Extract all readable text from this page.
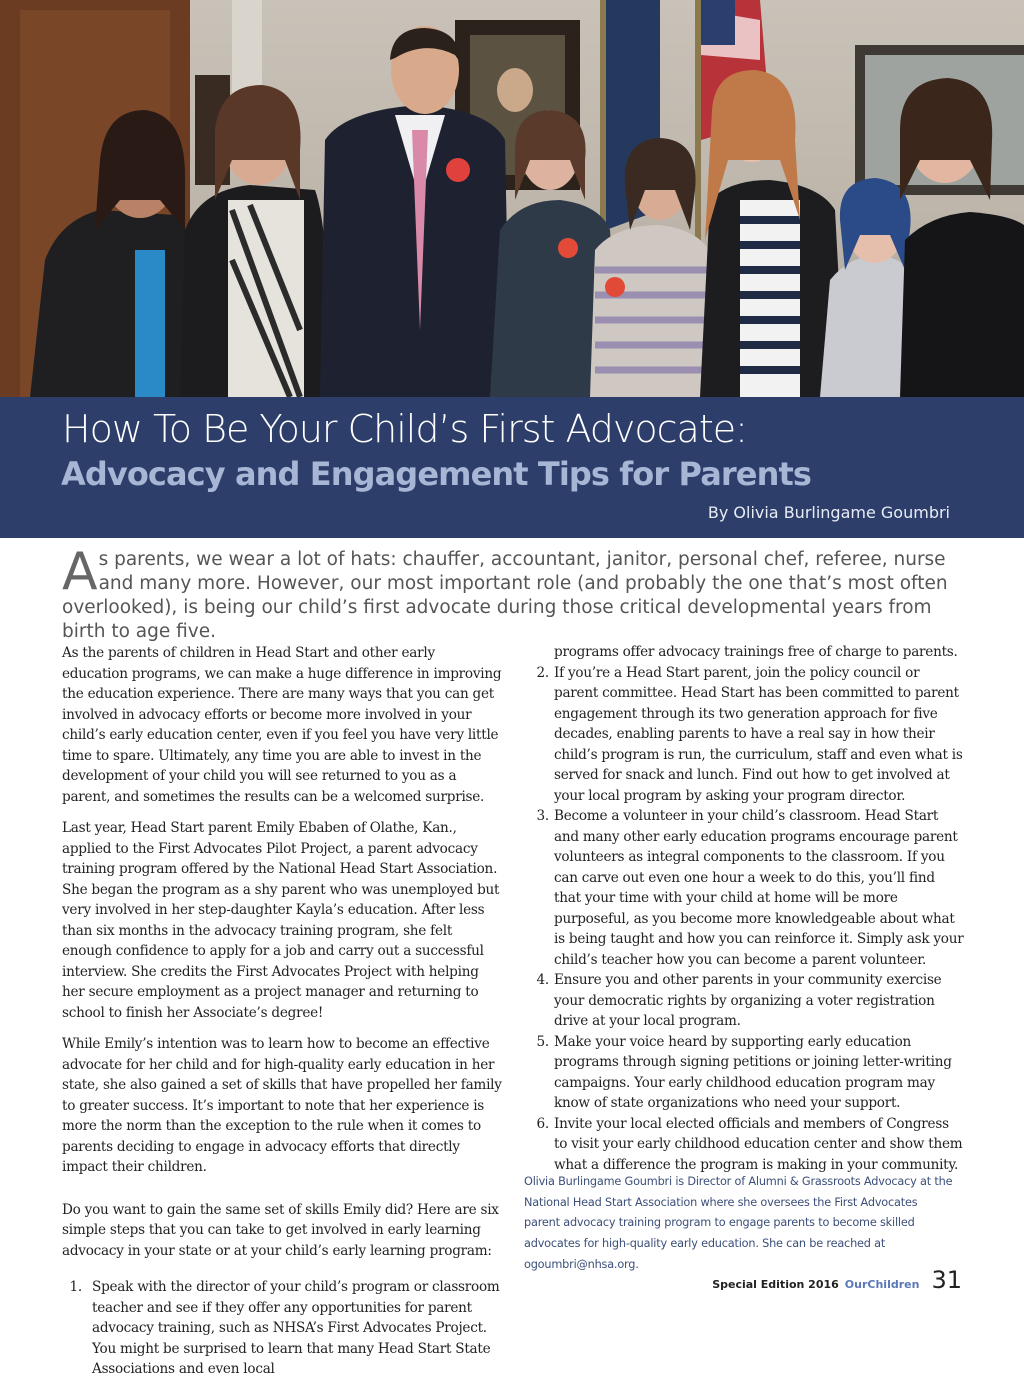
How To Be Your Child’s First Advocate:
Advocacy and Engagement Tips for Parents
By Olivia Burlingame Goumbri
As parents, we wear a lot of hats: chauffer, accountant, janitor, personal chef, referee, nurse and many more. However, our most important role (and probably the one that’s most often overlooked), is being our child’s first advocate during those critical developmental years from birth to age five.

As the parents of children in Head Start and other early education programs, we can make a huge difference in improving the education experience. There are many ways that you can get involved in advocacy efforts or become more involved in your child’s early education center, even if you feel you have very little time to spare. Ultimately, any time you are able to invest in the development of your child you will see returned to you as a parent, and sometimes the results can be a welcomed surprise.

Last year, Head Start parent Emily Ebaben of Olathe, Kan., applied to the First Advocates Pilot Project, a parent advocacy training program offered by the National Head Start Association. She began the program as a shy parent who was unemployed but very involved in her step-daughter Kayla’s education. After less than six months in the advocacy training program, she felt enough confidence to apply for a job and carry out a successful interview. She credits the First Advocates Project with helping her secure employment as a project manager and returning to school to finish her Associate’s degree!

While Emily’s intention was to learn how to become an effective advocate for her child and for high-quality early education in her state, she also gained a set of skills that have propelled her family to greater success. It’s important to note that her experience is more the norm than the exception to the rule when it comes to parents deciding to engage in advocacy efforts that directly impact their children.

Do you want to gain the same set of skills Emily did? Here are six simple steps that you can take to get involved in early learning advocacy in your state or at your child’s early learning program:

1. Speak with the director of your child’s program or classroom teacher and see if they offer any opportunities for parent advocacy training, such as NHSA’s First Advocates Project. You might be surprised to learn that many Head Start State Associations and even local
programs offer advocacy trainings free of charge to parents.
2. If you’re a Head Start parent, join the policy council or parent committee. Head Start has been committed to parent engagement through its two generation approach for five decades, enabling parents to have a real say in how their child’s program is run, the curriculum, staff and even what is served for snack and lunch. Find out how to get involved at your local program by asking your program director.
3. Become a volunteer in your child’s classroom. Head Start and many other early education programs encourage parent volunteers as integral components to the classroom. If you can carve out even one hour a week to do this, you’ll find that your time with your child at home will be more purposeful, as you become more knowledgeable about what is being taught and how you can reinforce it. Simply ask your child’s teacher how you can become a parent volunteer.
4. Ensure you and other parents in your community exercise your democratic rights by organizing a voter registration drive at your local program.
5. Make your voice heard by supporting early education programs through signing petitions or joining letter-writing campaigns. Your early childhood education program may know of state organizations who need your support.
6. Invite your local elected officials and members of Congress to visit your early childhood education center and show them what a difference the program is making in your community.
Olivia Burlingame Goumbri is Director of Alumni & Grassroots Advocacy at the National Head Start Association where she oversees the First Advocates parent advocacy training program to engage parents to become skilled advocates for high-quality early education. She can be reached at ogoumbri@nhsa.org.
Special Edition 2016 OurChildren 31
